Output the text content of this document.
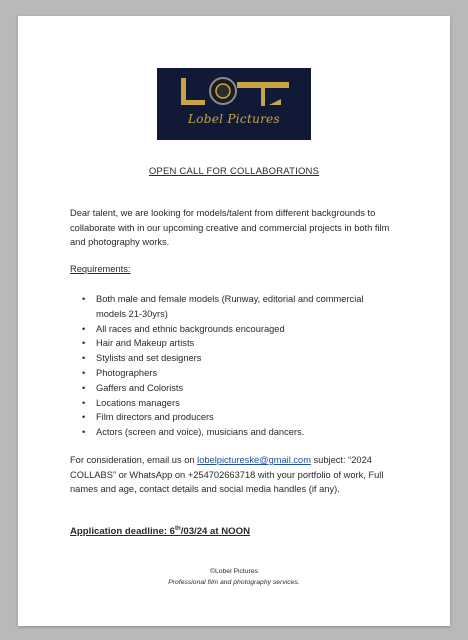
Lobel Pictures
OPEN CALL FOR COLLABORATIONS
Dear talent, we are looking for models/talent from different backgrounds to collaborate with in our upcoming creative and commercial projects in both film and photography works.
Requirements:
• Both male and female models (Runway, editorial and commercial models 21-30yrs)
• All races and ethnic backgrounds encouraged
• Hair and Makeup artists
• Stylists and set designers
• Photographers
• Gaffers and Colorists
• Locations managers
• Film directors and producers
• Actors (screen and voice), musicians and dancers.
For consideration, email us on lobelpictureske@gmail.com subject: “2024 COLLABS” or WhatsApp on +254702663718 with your portfolio of work, Full names and age, contact details and social media handles (if any).
Application deadline: 6th/03/24 at NOON
©Lobel Pictures
Professional film and photography services.
